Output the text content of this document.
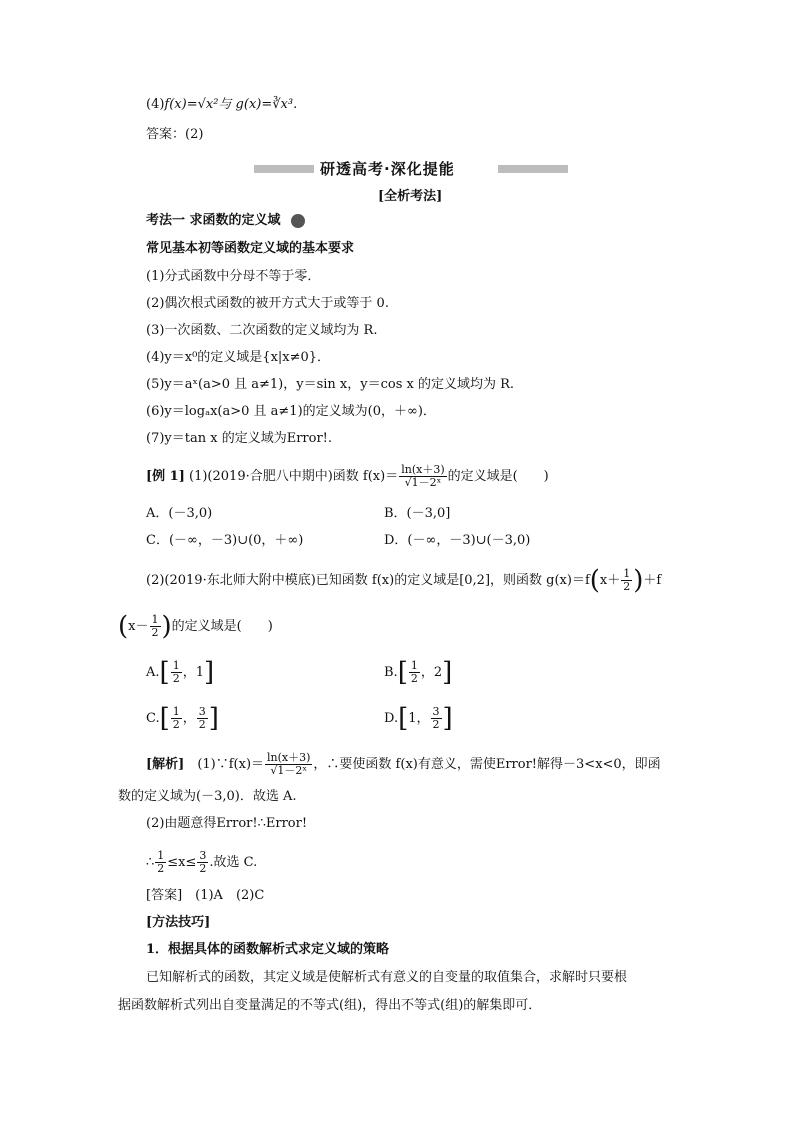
(4)f(x)=√x²与 g(x)=∛x³.
答案：(2)
研透高考·深化提能
[全析考法]
考法一 求函数的定义域
常见基本初等函数定义域的基本要求
(1)分式函数中分母不等于零．
(2)偶次根式函数的被开方式大于或等于 0.
(3)一次函数、二次函数的定义域均为 R.
(4)y＝x⁰的定义域是{x|x≠0}．
(5)y＝aˣ(a>0 且 a≠1)，y＝sin x，y＝cos x 的定义域均为 R.
(6)y＝logₐx(a>0 且 a≠1)的定义域为(0，＋∞)．
(7)y＝tan x 的定义域为Error!.
[例 1] (1)(2019·合肥八中期中)函数 $f(x)= \frac{\ln(x+3)}{\text{√1－2ˣ}}$ 的定义域是(　　)
A．(－3,0)	B．(－3,0]
C．(－∞，－3)∪(0，＋∞)	D．(－∞，－3)∪(－3,0)
(2)(2019·东北师大附中模底)已知函数 f(x)的定义域是[0,2]，则函数 $g(x)=f(x+ \frac{1}{2} )+f$
($x- \frac{1}{2}$ )的定义域是(　　)
$A.[ \frac{1}{2}$ ，1]	$B.[ \frac{1}{2}$ ，2]
$C.[ \frac{1}{2}$ ， $\frac{3}{2}$ ]	D.[1， $\frac{3}{2}$ ]
[解析]　 (1)∵f(x)＝ $\frac{\ln(x+3)}{\text{√1－2ˣ}}$ ，∴要使函数 f(x)有意义，需使Error!解得－3<x<0，即函
数的定义域为(－3,0)．故选 A.
(2)由题意得Error!∴Error!
∴ $\frac{1}{2} \le x\le \frac{3}{2}$ .故选 C.
[答案]　(1)A　(2)C
[方法技巧]
1．根据具体的函数解析式求定义域的策略
已知解析式的函数，其定义域是使解析式有意义的自变量的取值集合，求解时只要根
据函数解析式列出自变量满足的不等式(组)，得出不等式(组)的解集即可．
